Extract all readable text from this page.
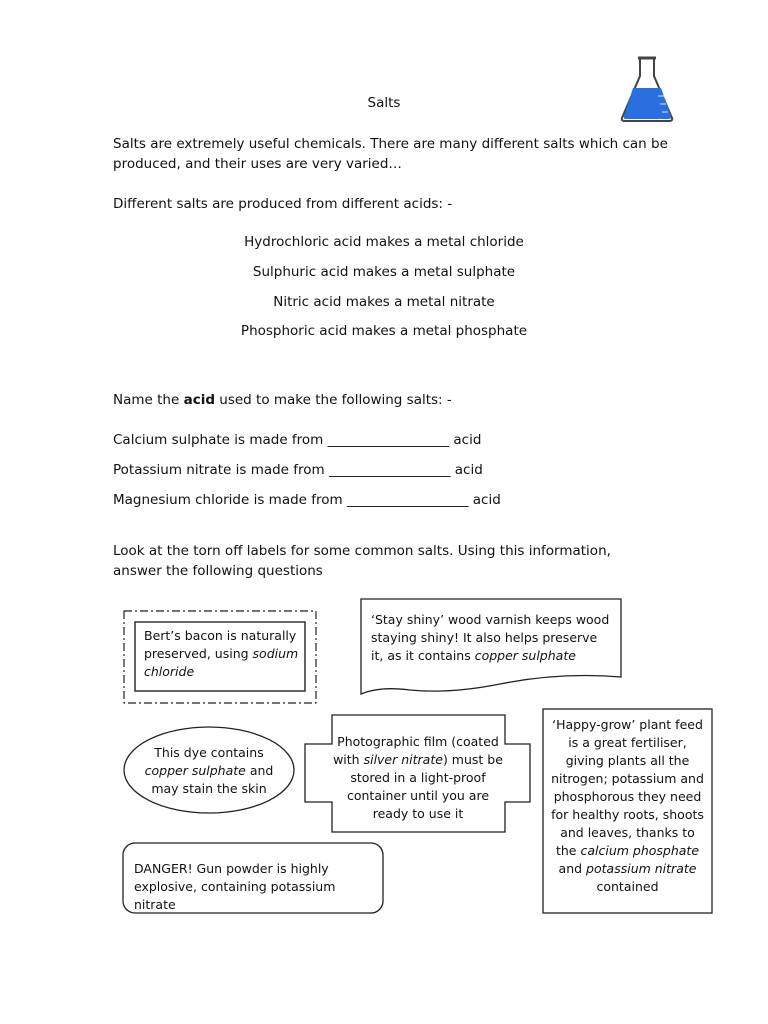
Salts
Salts are extremely useful chemicals. There are many different salts which can be produced, and their uses are very varied…
Different salts are produced from different acids: -
Hydrochloric acid makes a metal chloride
Sulphuric acid makes a metal sulphate
Nitric acid makes a metal nitrate
Phosphoric acid makes a metal phosphate
Name the acid used to make the following salts: -
Calcium sulphate is made from __________________ acid
Potassium nitrate is made from __________________ acid
Magnesium chloride is made from __________________ acid
Look at the torn off labels for some common salts. Using this information, answer the following questions
Bert’s bacon is naturally preserved, using sodium chloride
‘Stay shiny’ wood varnish keeps wood staying shiny! It also helps preserve it, as it contains copper sulphate
This dye contains copper sulphate and may stain the skin
Photographic film (coated with silver nitrate) must be stored in a light-proof container until you are ready to use it
‘Happy-grow’ plant feed is a great fertiliser, giving plants all the nitrogen; potassium and phosphorous they need for healthy roots, shoots and leaves, thanks to the calcium phosphate and potassium nitrate contained
DANGER! Gun powder is highly explosive, containing potassium nitrate
